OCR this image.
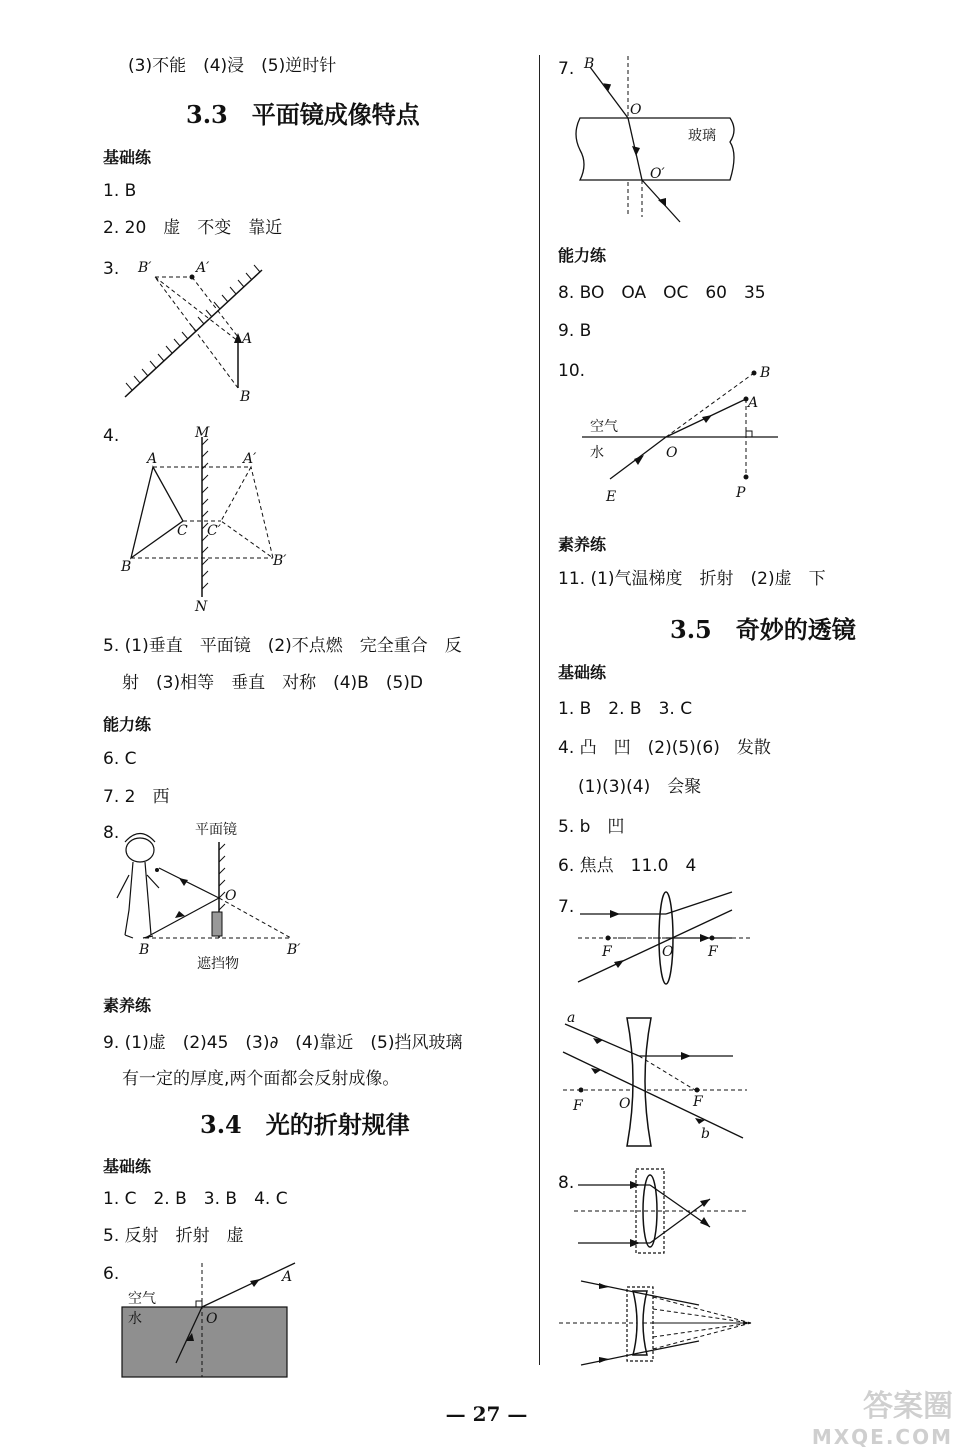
(3)不能　(4)浸　(5)逆时针
3.3　平面镜成像特点
基础练
1. B
2. 20　虚　不变　靠近
3. B′	A′
A
B
4.	M
N
A
B
C
A′
C′
B′
5. (1)垂直　平面镜　(2)不点燃　完全重合　反
射　(3)相等　垂直　对称　(4)B　(5)D
能力练
6. C
7. 2　西
8.	平面镜
O
B	B′
遮挡物
素养练
9. (1)虚　(2)45　(3)∂　(4)靠近　(5)挡风玻璃
有一定的厚度,两个面都会反射成像。
3.4　光的折射规律
基础练
1. C　2. B　3. B　4. C
5. 反射　折射　虚
6.
空气
水	O
A
7. B
O
O′
玻璃
能力练
8. BO　OA　OC　60　35
9. B
10.	B
A
空气
水	O
E	P
素养练
11. (1)气温梯度　折射　(2)虚　下
3.5　奇妙的透镜
基础练
1. B　2. B　3. C
4. 凸　凹　(2)(5)(6)　发散
(1)(3)(4)　会聚
5. b　凹
6. 焦点　11.0　4
7.
F	O F
a
F	O	F
b
8.
— 27 —	答案圈
MXQE.COM
